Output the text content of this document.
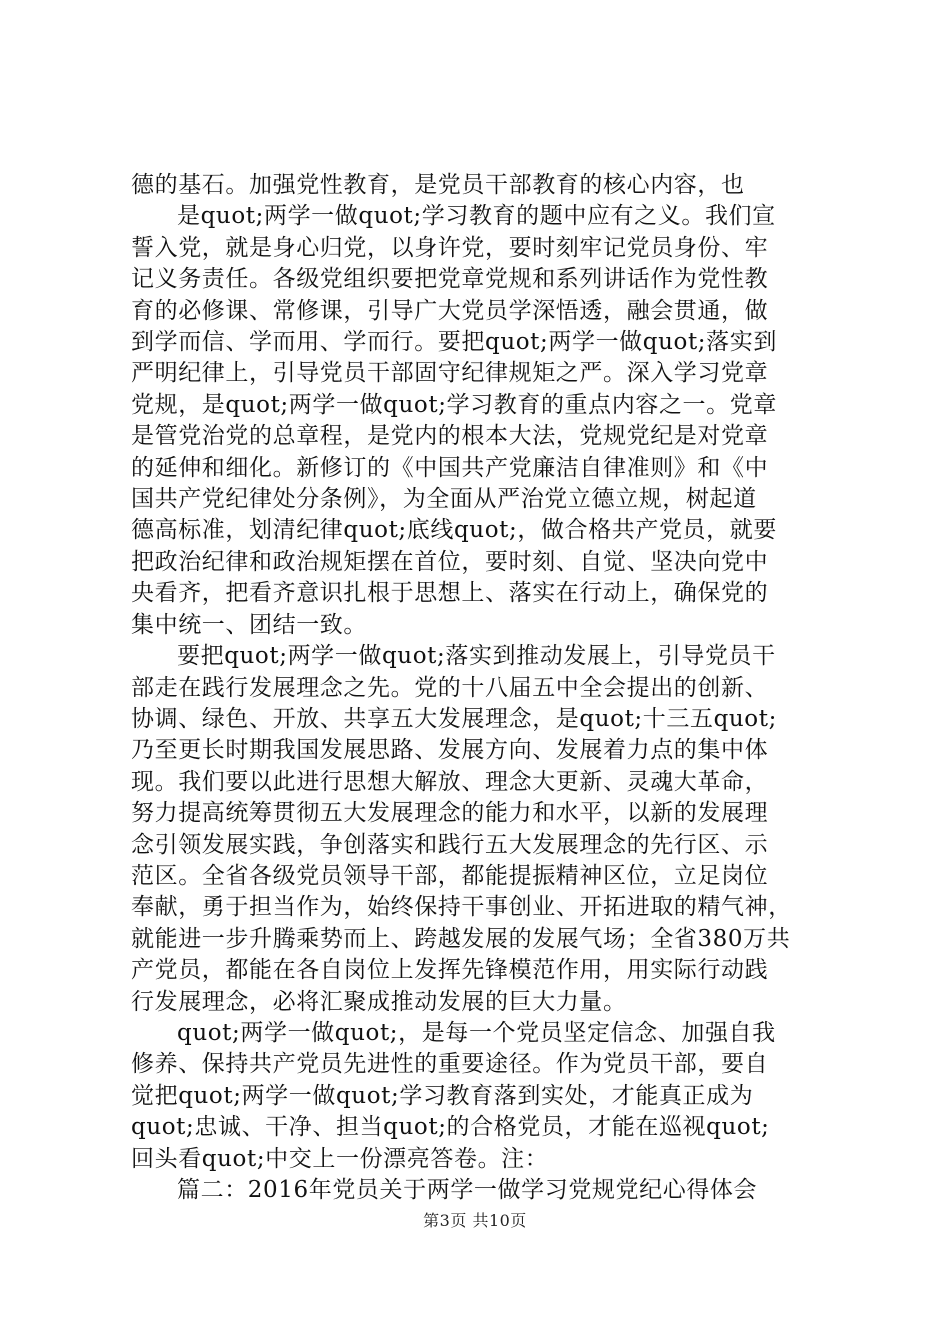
德的基石。加强党性教育，是党员干部教育的核心内容，也
是quot;两学一做quot;学习教育的题中应有之义。我们宣
誓入党，就是身心归党，以身许党，要时刻牢记党员身份、牢
记义务责任。各级党组织要把党章党规和系列讲话作为党性教
育的必修课、常修课，引导广大党员学深悟透，融会贯通，做
到学而信、学而用、学而行。要把quot;两学一做quot;落实到
严明纪律上，引导党员干部固守纪律规矩之严。深入学习党章
党规，是quot;两学一做quot;学习教育的重点内容之一。党章
是管党治党的总章程，是党内的根本大法，党规党纪是对党章
的延伸和细化。新修订的《中国共产党廉洁自律准则》和《中
国共产党纪律处分条例》，为全面从严治党立德立规，树起道
德高标准，划清纪律quot;底线quot;，做合格共产党员，就要
把政治纪律和政治规矩摆在首位，要时刻、自觉、坚决向党中
央看齐，把看齐意识扎根于思想上、落实在行动上，确保党的
集中统一、团结一致。
要把quot;两学一做quot;落实到推动发展上，引导党员干
部走在践行发展理念之先。党的十八届五中全会提出的创新、
协调、绿色、开放、共享五大发展理念，是quot;十三五quot;
乃至更长时期我国发展思路、发展方向、发展着力点的集中体
现。我们要以此进行思想大解放、理念大更新、灵魂大革命，
努力提高统筹贯彻五大发展理念的能力和水平，以新的发展理
念引领发展实践，争创落实和践行五大发展理念的先行区、示
范区。全省各级党员领导干部，都能提振精神区位，立足岗位
奉献，勇于担当作为，始终保持干事创业、开拓进取的精气神，
就能进一步升腾乘势而上、跨越发展的发展气场；全省380万共
产党员，都能在各自岗位上发挥先锋模范作用，用实际行动践
行发展理念，必将汇聚成推动发展的巨大力量。
quot;两学一做quot;，是每一个党员坚定信念、加强自我
修养、保持共产党员先进性的重要途径。作为党员干部，要自
觉把quot;两学一做quot;学习教育落到实处，才能真正成为
quot;忠诚、干净、担当quot;的合格党员，才能在巡视quot;
回头看quot;中交上一份漂亮答卷。注：
篇二：2016年党员关于两学一做学习党规党纪心得体会
第3页 共10页
